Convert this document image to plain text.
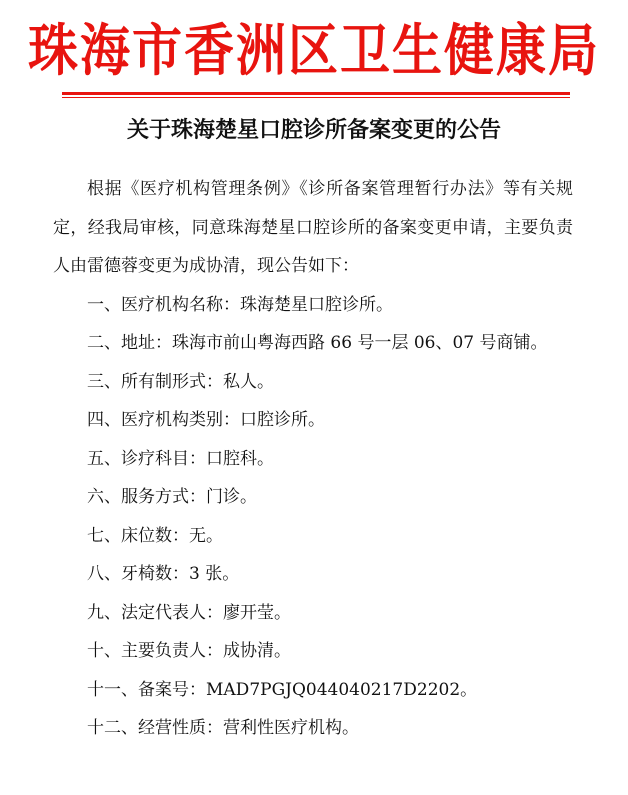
珠海市香洲区卫生健康局
关于珠海楚星口腔诊所备案变更的公告

根据《医疗机构管理条例》《诊所备案管理暂行办法》等有关规定，经我局审核，同意珠海楚星口腔诊所的备案变更申请，主要负责人由雷德蓉变更为成协清，现公告如下：

一、医疗机构名称：珠海楚星口腔诊所。

二、地址：珠海市前山粤海西路 66 号一层 06、07 号商铺。

三、所有制形式：私人。

四、医疗机构类别：口腔诊所。

五、诊疗科目：口腔科。

六、服务方式：门诊。

七、床位数：无。

八、牙椅数：3 张。

九、法定代表人：廖开莹。

十、主要负责人：成协清。

十一、备案号：MAD7PGJQ044040217D2202。

十二、经营性质：营利性医疗机构。
